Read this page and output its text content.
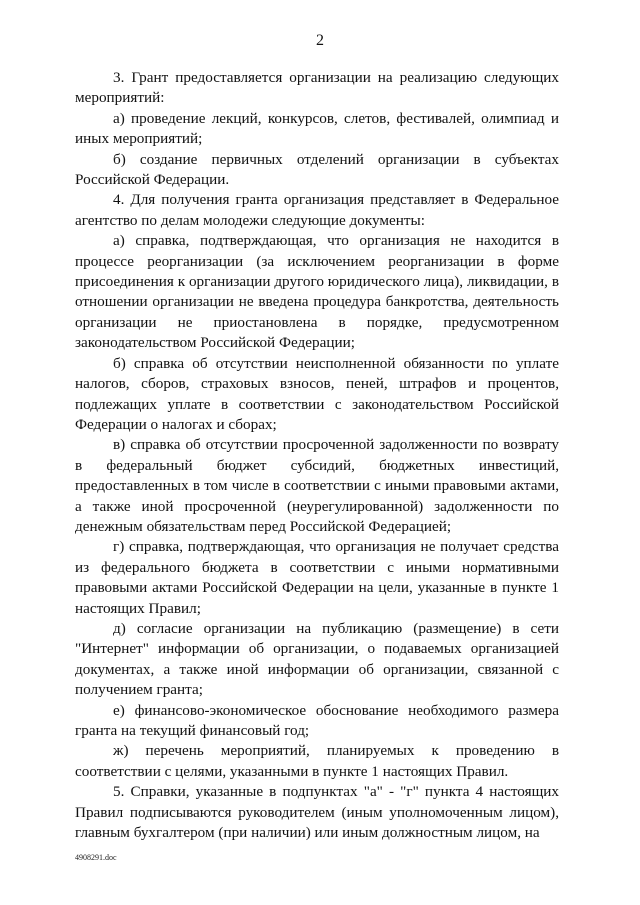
2

3. Грант предоставляется организации на реализацию следующих мероприятий:

а) проведение лекций, конкурсов, слетов, фестивалей, олимпиад и иных мероприятий;

б) создание первичных отделений организации в субъектах Российской Федерации.

4. Для получения гранта организация представляет в Федеральное агентство по делам молодежи следующие документы:

а) справка, подтверждающая, что организация не находится в процессе реорганизации (за исключением реорганизации в форме присоединения к организации другого юридического лица), ликвидации, в отношении организации не введена процедура банкротства, деятельность организации не приостановлена в порядке, предусмотренном законодательством Российской Федерации;

б) справка об отсутствии неисполненной обязанности по уплате налогов, сборов, страховых взносов, пеней, штрафов и процентов, подлежащих уплате в соответствии с законодательством Российской Федерации о налогах и сборах;

в) справка об отсутствии просроченной задолженности по возврату в федеральный бюджет субсидий, бюджетных инвестиций, предоставленных в том числе в соответствии с иными правовыми актами, а также иной просроченной (неурегулированной) задолженности по денежным обязательствам перед Российской Федерацией;

г) справка, подтверждающая, что организация не получает средства из федерального бюджета в соответствии с иными нормативными правовыми актами Российской Федерации на цели, указанные в пункте 1 настоящих Правил;

д) согласие организации на публикацию (размещение) в сети "Интернет" информации об организации, о подаваемых организацией документах, а также иной информации об организации, связанной с получением гранта;

е) финансово-экономическое обоснование необходимого размера гранта на текущий финансовый год;

ж) перечень мероприятий, планируемых к проведению в соответствии с целями, указанными в пункте 1 настоящих Правил.

5. Справки, указанные в подпунктах "а" - "г" пункта 4 настоящих Правил подписываются руководителем (иным уполномоченным лицом), главным бухгалтером (при наличии) или иным должностным лицом, на

4908291.doc
